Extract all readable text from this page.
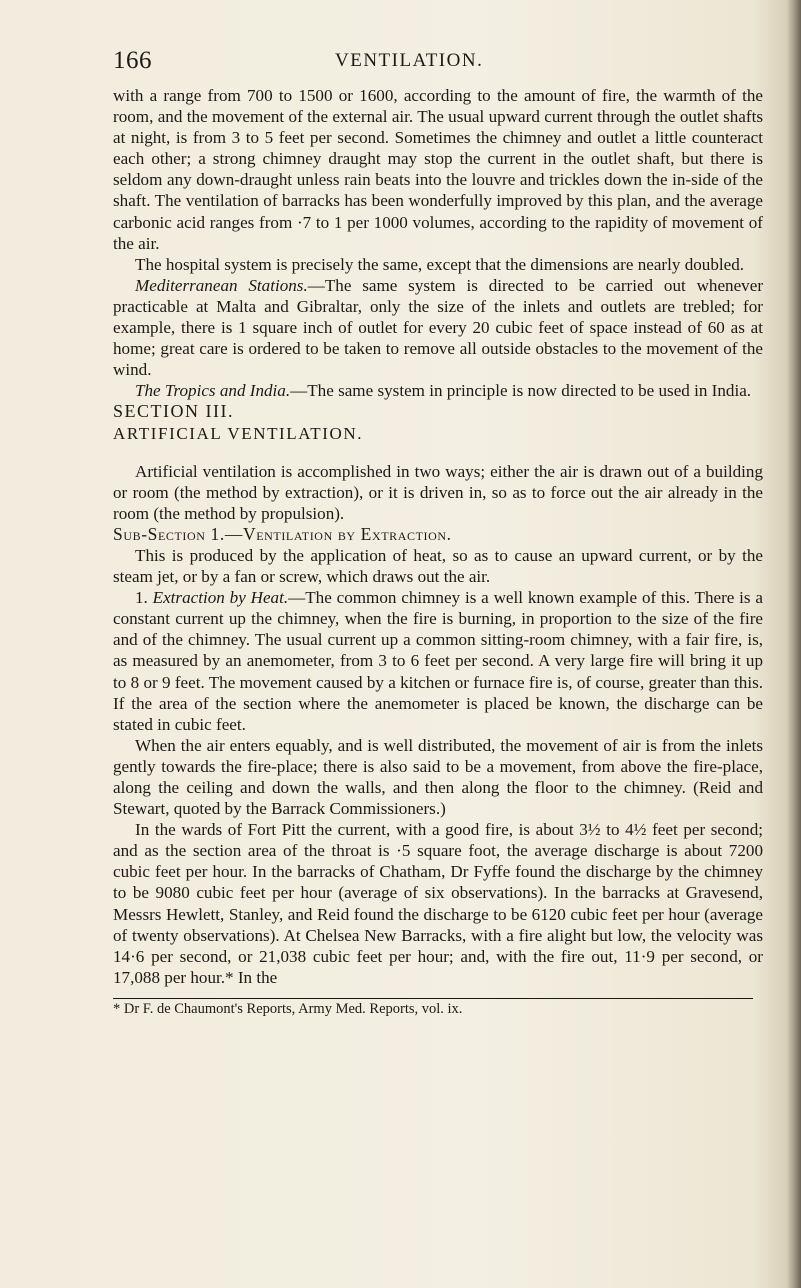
166	VENTILATION.

with a range from 700 to 1500 or 1600, according to the amount of fire, the warmth of the room, and the movement of the external air. The usual upward current through the outlet shafts at night, is from 3 to 5 feet per second. Sometimes the chimney and outlet a little counteract each other; a strong chimney draught may stop the current in the outlet shaft, but there is seldom any down-draught unless rain beats into the louvre and trickles down the in-side of the shaft. The ventilation of barracks has been wonderfully improved by this plan, and the average carbonic acid ranges from ·7 to 1 per 1000 volumes, according to the rapidity of movement of the air.

The hospital system is precisely the same, except that the dimensions are nearly doubled.

Mediterranean Stations.—The same system is directed to be carried out whenever practicable at Malta and Gibraltar, only the size of the inlets and outlets are trebled; for example, there is 1 square inch of outlet for every 20 cubic feet of space instead of 60 as at home; great care is ordered to be taken to remove all outside obstacles to the movement of the wind.

The Tropics and India.—The same system in principle is now directed to be used in India.

SECTION III.

ARTIFICIAL VENTILATION.

Artificial ventilation is accomplished in two ways; either the air is drawn out of a building or room (the method by extraction), or it is driven in, so as to force out the air already in the room (the method by propulsion).

Sub-Section 1.—Ventilation by Extraction.

This is produced by the application of heat, so as to cause an upward current, or by the steam jet, or by a fan or screw, which draws out the air.

1. Extraction by Heat.—The common chimney is a well known example of this. There is a constant current up the chimney, when the fire is burning, in proportion to the size of the fire and of the chimney. The usual current up a common sitting-room chimney, with a fair fire, is, as measured by an anemometer, from 3 to 6 feet per second. A very large fire will bring it up to 8 or 9 feet. The movement caused by a kitchen or furnace fire is, of course, greater than this. If the area of the section where the anemometer is placed be known, the discharge can be stated in cubic feet.

When the air enters equably, and is well distributed, the movement of air is from the inlets gently towards the fire-place; there is also said to be a movement, from above the fire-place, along the ceiling and down the walls, and then along the floor to the chimney. (Reid and Stewart, quoted by the Barrack Commissioners.)

In the wards of Fort Pitt the current, with a good fire, is about 3½ to 4½ feet per second; and as the section area of the throat is ·5 square foot, the average discharge is about 7200 cubic feet per hour. In the barracks of Chatham, Dr Fyffe found the discharge by the chimney to be 9080 cubic feet per hour (average of six observations). In the barracks at Gravesend, Messrs Hewlett, Stanley, and Reid found the discharge to be 6120 cubic feet per hour (average of twenty observations). At Chelsea New Barracks, with a fire alight but low, the velocity was 14·6 per second, or 21,038 cubic feet per hour; and, with the fire out, 11·9 per second, or 17,088 per hour.* In the

* Dr F. de Chaumont's Reports, Army Med. Reports, vol. ix.
